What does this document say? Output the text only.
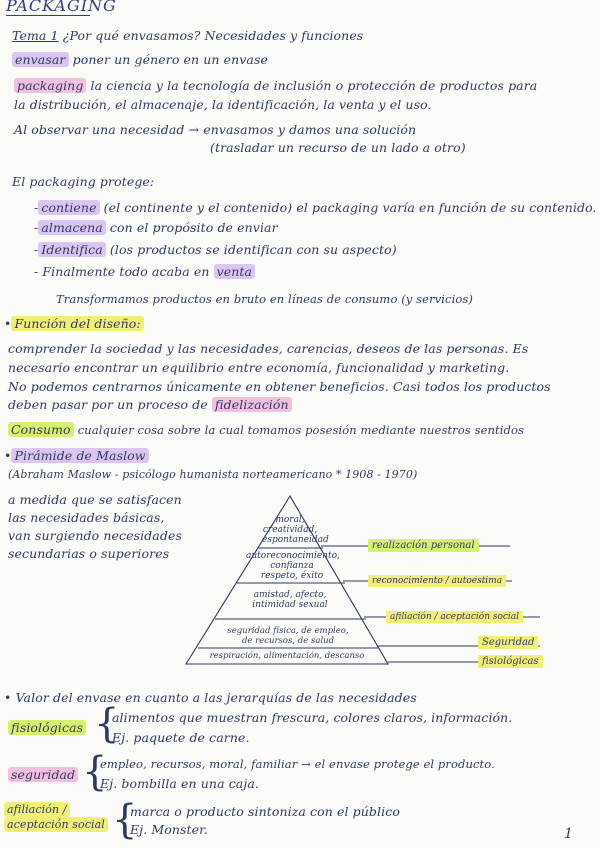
PACKAGING
Tema 1 ¿Por qué envasamos? Necesidades y funciones
envasar poner un género en un envase
packaging la ciencia y la tecnología de inclusión o protección de productos para
la distribución, el almacenaje, la identificación, la venta y el uso.
Al observar una necesidad → envasamos y damos una solución
(trasladar un recurso de un lado a otro)
El packaging protege:
- contiene (el continente y el contenido) el packaging varía en función de su contenido.
- almacena con el propósito de enviar
- Identifica (los productos se identifican con su aspecto)
- Finalmente todo acaba en venta
Transformamos productos en bruto en líneas de consumo (y servicios)
• Función del diseño:
comprender la sociedad y las necesidades, carencias, deseos de las personas. Es
necesario encontrar un equilibrio entre economía, funcionalidad y marketing.
No podemos centrarnos únicamente en obtener beneficios. Casi todos los productos
deben pasar por un proceso de fidelización
Consumo cualquier cosa sobre la cual tomamos posesión mediante nuestros sentidos
• Pirámide de Maslow
(Abraham Maslow - psicólogo humanista norteamericano * 1908 - 1970)
a medida que se satisfacen
las necesidades básicas,
van surgiendo necesidades
secundarias o superiores
moral,
creatividad,
espontaneidad
autoreconocimiento,
confianza
respeto, éxito
amistad, afecto,
intimidad sexual
seguridad física, de empleo,
de recursos, de salud
respiración, alimentación, descanso
realización personal
reconocimiento / autoestima
afiliación / aceptación social
Seguridad
fisiológicas
• Valor del envase en cuanto a las jerarquías de las necesidades
fisiológicas {
alimentos que muestran frescura, colores claros, información.
Ej. paquete de carne.
seguridad {
empleo, recursos, moral, familiar → el envase protege el producto.
Ej. bombilla en una caja.
afiliación /
aceptación social {
marca o producto sintoniza con el público
Ej. Monster.	1
